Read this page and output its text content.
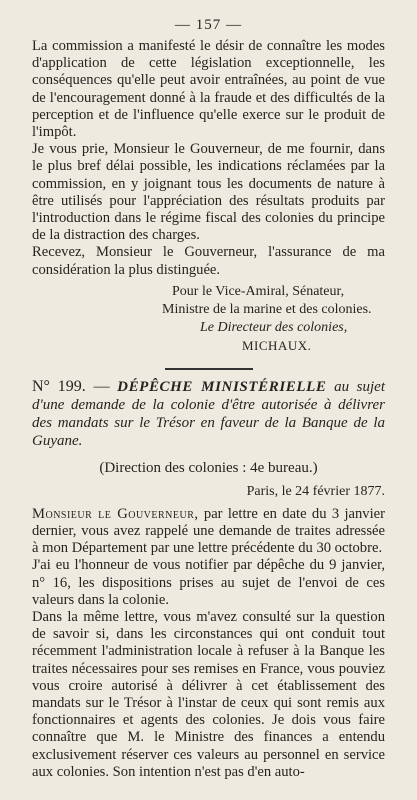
— 157 —

La commission a manifesté le désir de connaître les modes d'application de cette législation exceptionnelle, les conséquences qu'elle peut avoir entraînées, au point de vue de l'encouragement donné à la fraude et des difficultés de la perception et de l'influence qu'elle exerce sur le produit de l'impôt.

Je vous prie, Monsieur le Gouverneur, de me fournir, dans le plus bref délai possible, les indications réclamées par la commission, en y joignant tous les documents de nature à être utilisés pour l'appréciation des résultats produits par l'introduction dans le régime fiscal des colonies du principe de la distraction des charges.

Recevez, Monsieur le Gouverneur, l'assurance de ma considération la plus distinguée.

Pour le Vice-Amiral, Sénateur,
Ministre de la marine et des colonies.
Le Directeur des colonies,
MICHAUX.
N° 199. — DÉPÊCHE MINISTÉRIELLE au sujet d'une demande de la colonie d'être autorisée à délivrer des mandats sur le Trésor en faveur de la Banque de la Guyane.
(Direction des colonies : 4e bureau.)
Paris, le 24 février 1877.

Monsieur le Gouverneur, par lettre en date du 3 janvier dernier, vous avez rappelé une demande de traites adressée à mon Département par une lettre précédente du 30 octobre.

J'ai eu l'honneur de vous notifier par dépêche du 9 janvier, n° 16, les dispositions prises au sujet de l'envoi de ces valeurs dans la colonie.

Dans la même lettre, vous m'avez consulté sur la question de savoir si, dans les circonstances qui ont conduit tout récemment l'administration locale à refuser à la Banque les traites nécessaires pour ses remises en France, vous pouviez vous croire autorisé à délivrer à cet établissement des mandats sur le Trésor à l'instar de ceux qui sont remis aux fonctionnaires et agents des colonies. Je dois vous faire connaître que M. le Ministre des finances a entendu exclusivement réserver ces valeurs au personnel en service aux colonies. Son intention n'est pas d'en auto-
